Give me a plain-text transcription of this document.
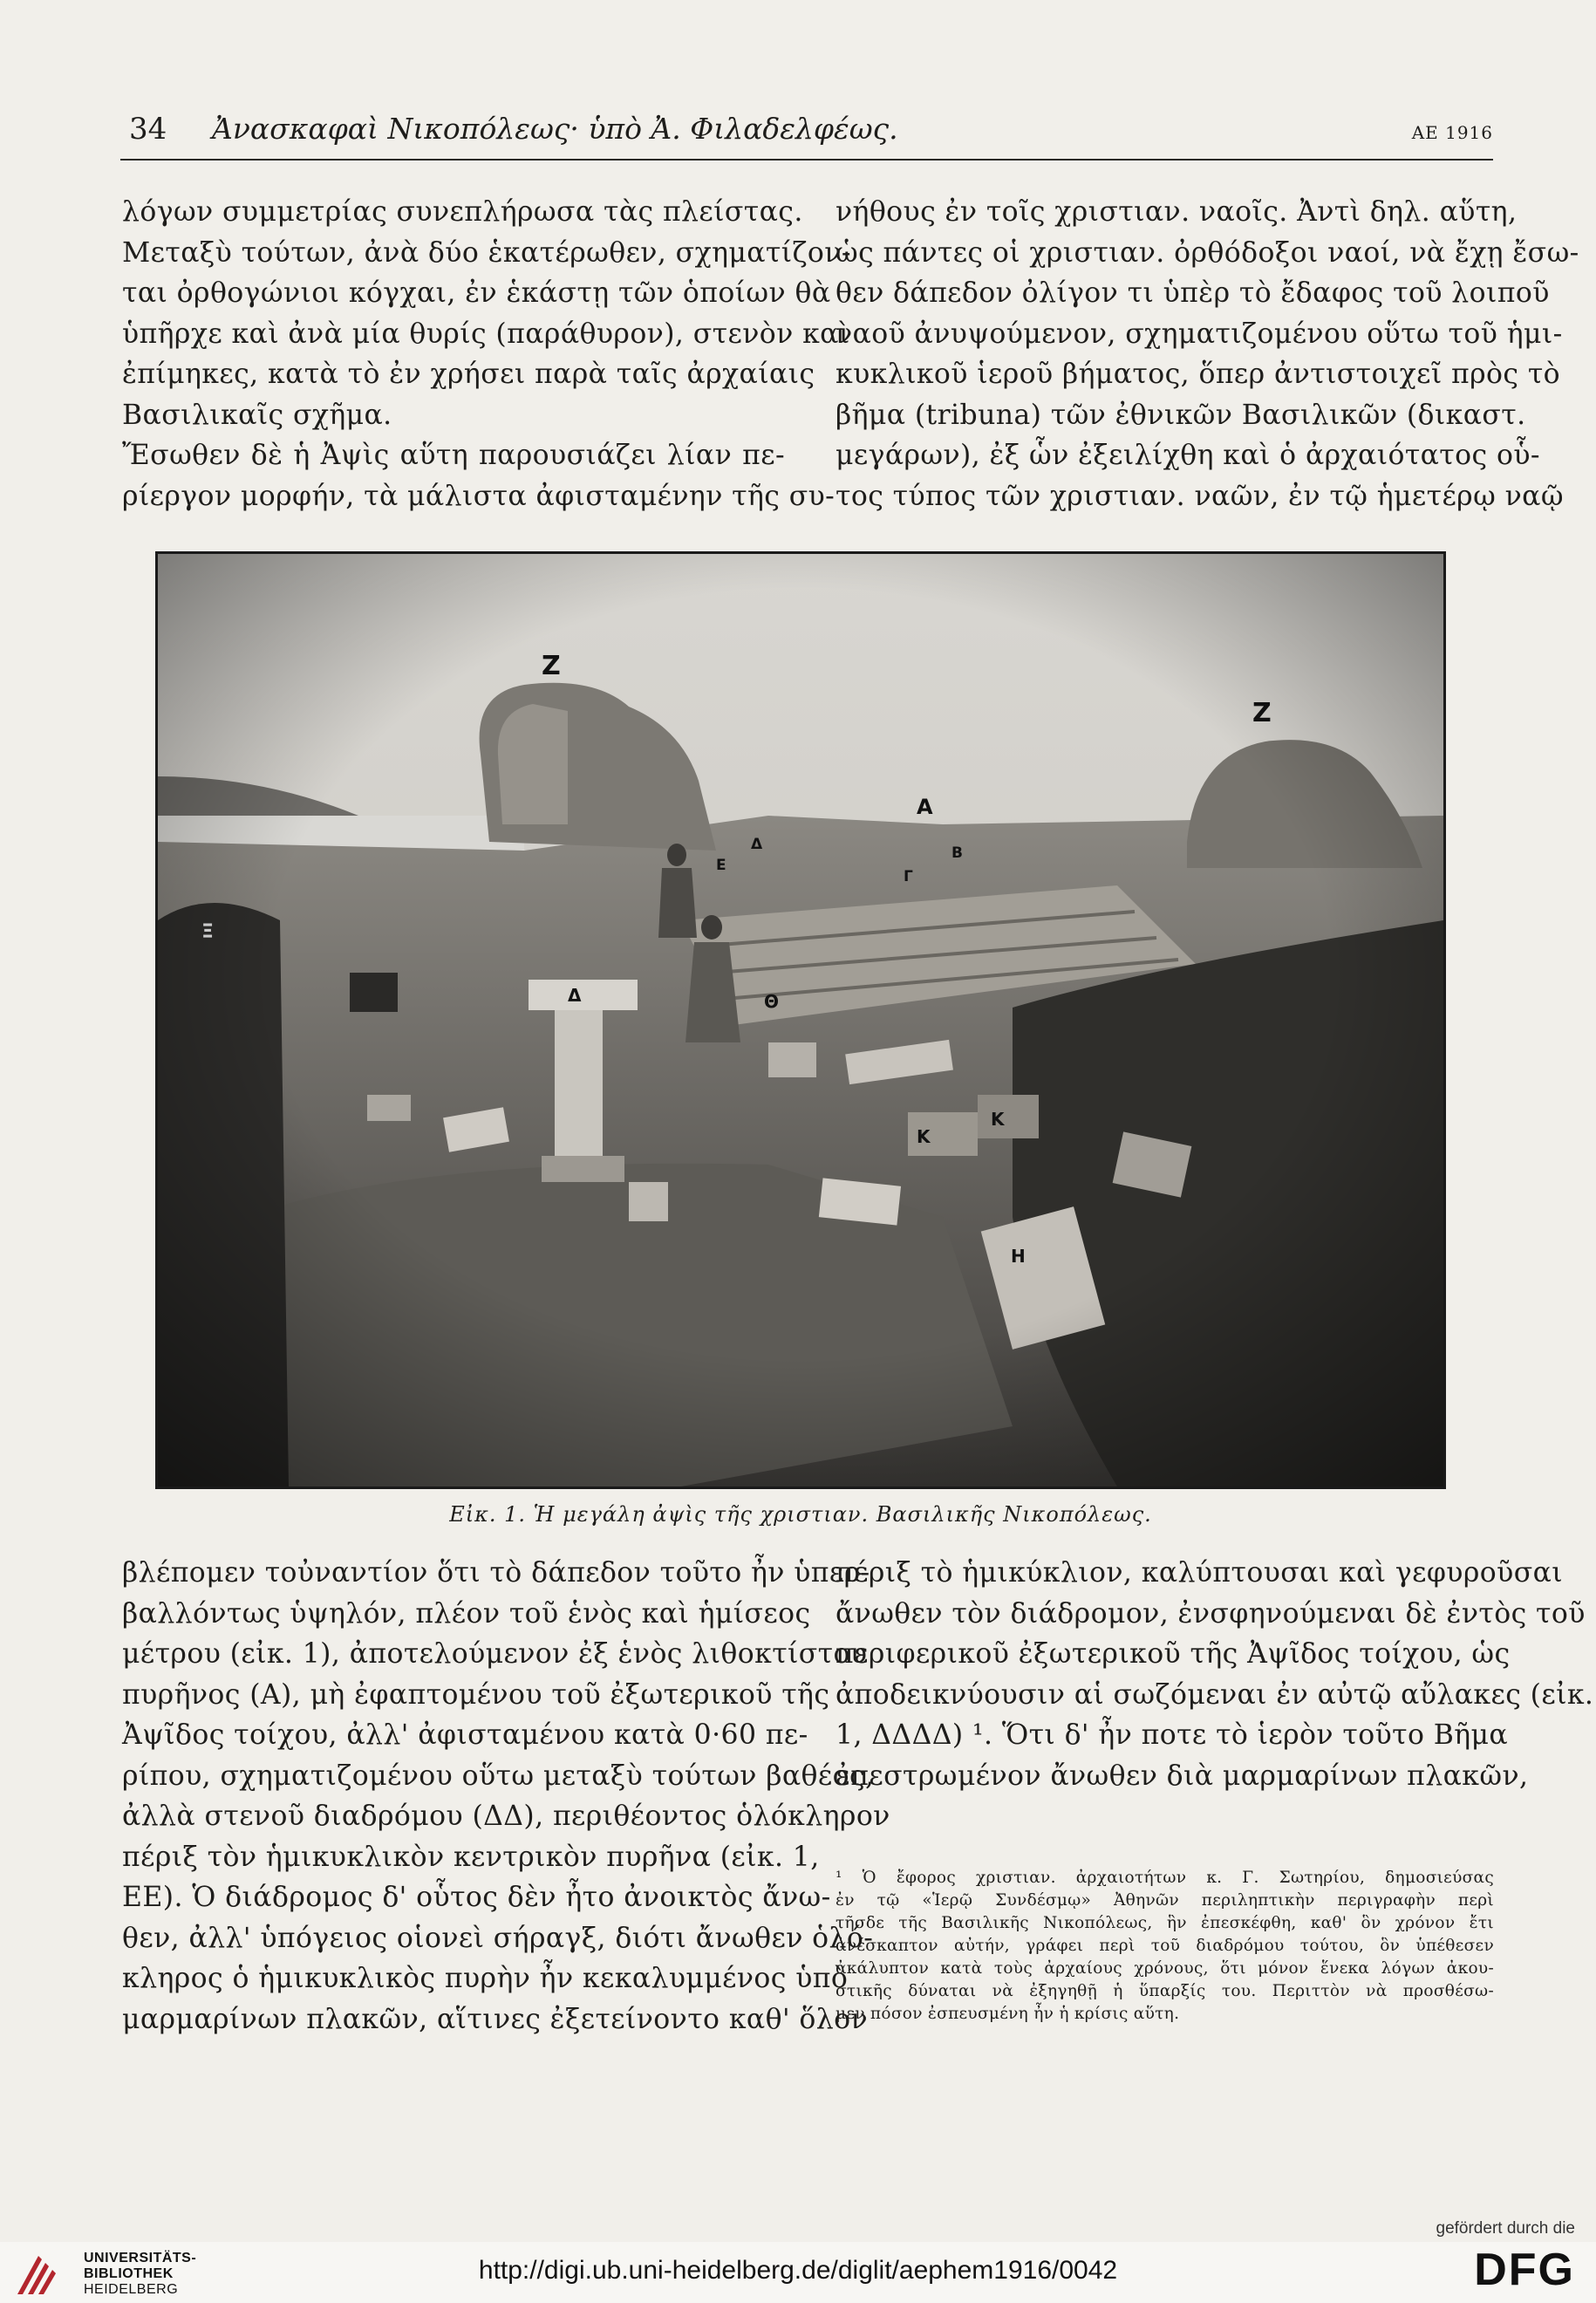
34 Ἀνασκαφαὶ Νικοπόλεως· ὑπὸ Ἀ. Φιλαδελφέως.	ΑΕ 1916
λόγων συμμετρίας συνεπλήρωσα τὰς πλείστας.
Μεταξὺ τούτων, ἀνὰ δύο ἑκατέρωθεν, σχηματίζον-
ται ὀρθογώνιοι κόγχαι, ἐν ἑκάστῃ τῶν ὁποίων θὰ
ὑπῆρχε καὶ ἀνὰ μία θυρίς (παράθυρον), στενὸν καὶ
ἐπίμηκες, κατὰ τὸ ἐν χρήσει παρὰ ταῖς ἀρχαίαις
Βασιλικαῖς σχῆμα.
Ἔσωθεν δὲ ἡ Ἀψὶς αὕτη παρουσιάζει λίαν πε-
ρίεργον μορφήν, τὰ μάλιστα ἀφισταμένην τῆς συ-
νήθους ἐν τοῖς χριστιαν. ναοῖς. Ἀντὶ δηλ. αὕτη,
ὡς πάντες οἱ χριστιαν. ὀρθόδοξοι ναοί, νὰ ἔχῃ ἔσω-
θεν δάπεδον ὀλίγον τι ὑπὲρ τὸ ἔδαφος τοῦ λοιποῦ
ναοῦ ἀνυψούμενον, σχηματιζομένου οὕτω τοῦ ἡμι-
κυκλικοῦ ἱεροῦ βήματος, ὅπερ ἀντιστοιχεῖ πρὸς τὸ
βῆμα (tribuna) τῶν ἐθνικῶν Βασιλικῶν (δικαστ.
μεγάρων), ἐξ ὧν ἐξειλίχθη καὶ ὁ ἀρχαιότατος οὗ-
τος τύπος τῶν χριστιαν. ναῶν, ἐν τῷ ἡμετέρῳ ναῷ
Εἰκ. 1. Ἡ μεγάλη ἀψὶς τῆς χριστιαν. Βασιλικῆς Νικοπόλεως.
βλέπομεν τοὐναντίον ὅτι τὸ δάπεδον τοῦτο ἦν ὑπερ-
βαλλόντως ὑψηλόν, πλέον τοῦ ἑνὸς καὶ ἡμίσεος
μέτρου (εἰκ. 1), ἀποτελούμενον ἐξ ἑνὸς λιθοκτίστου
πυρῆνος (Α), μὴ ἐφαπτομένου τοῦ ἐξωτερικοῦ τῆς
Ἀψῖδος τοίχου, ἀλλ' ἀφισταμένου κατὰ 0·60 πε-
ρίπου, σχηματιζομένου οὕτω μεταξὺ τούτων βαθέος,
ἀλλὰ στενοῦ διαδρόμου (ΔΔ), περιθέοντος ὁλόκληρον
πέριξ τὸν ἡμικυκλικὸν κεντρικὸν πυρῆνα (εἰκ. 1,
ΕΕ). Ὁ διάδρομος δ' οὗτος δὲν ἦτο ἀνοικτὸς ἄνω-
θεν, ἀλλ' ὑπόγειος οἱονεὶ σήραγξ, διότι ἄνωθεν ὁλό-
κληρος ὁ ἡμικυκλικὸς πυρὴν ἦν κεκαλυμμένος ὑπὸ
μαρμαρίνων πλακῶν, αἵτινες ἐξετείνοντο καθ' ὅλον
πέριξ τὸ ἡμικύκλιον, καλύπτουσαι καὶ γεφυροῦσαι
ἄνωθεν τὸν διάδρομον, ἐνσφηνούμεναι δὲ ἐντὸς τοῦ
περιφερικοῦ ἐξωτερικοῦ τῆς Ἀψῖδος τοίχου, ὡς
ἀποδεικνύουσιν αἱ σωζόμεναι ἐν αὐτῷ αὔλακες (εἰκ.
1, ΔΔΔΔ) ¹. Ὅτι δ' ἦν ποτε τὸ ἱερὸν τοῦτο Βῆμα
ἐπεστρωμένον ἄνωθεν διὰ μαρμαρίνων πλακῶν,
¹ Ὁ ἔφορος χριστιαν. ἀρχαιοτήτων κ. Γ. Σωτηρίου, δημοσιεύσας
ἐν τῷ «Ἱερῷ Συνδέσμῳ» Ἀθηνῶν περιληπτικὴν περιγραφὴν περὶ
τῆσδε τῆς Βασιλικῆς Νικοπόλεως, ἣν ἐπεσκέφθη, καθ' ὃν χρόνον ἔτι
ἀνέσκαπτον αὐτήν, γράφει περὶ τοῦ διαδρόμου τούτου, ὃν ὑπέθεσεν
ἀκάλυπτον κατὰ τοὺς ἀρχαίους χρόνους, ὅτι μόνον ἕνεκα λόγων ἀκου-
στικῆς δύναται νὰ ἐξηγηθῇ ἡ ὕπαρξίς του. Περιττὸν νὰ προσθέσω-
μεν πόσον ἐσπευσμένη ἦν ἡ κρίσις αὕτη.
UNIVERSITÄTS-
BIBLIOTHEK
HEIDELBERG
http://digi.ub.uni-heidelberg.de/diglit/aephem1916/0042
gefördert durch die
DFG
